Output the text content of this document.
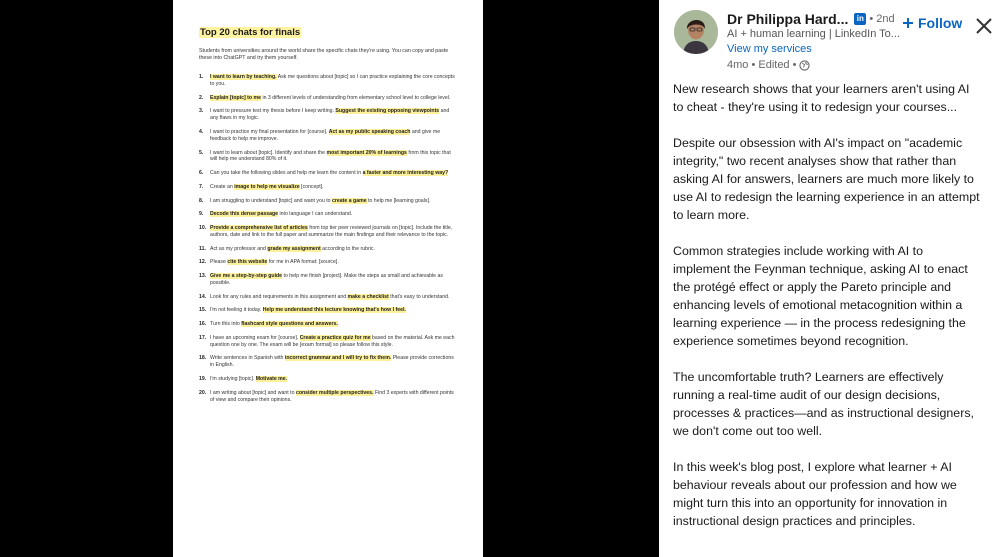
Top 20 chats for finals
Students from universities around the world share the specific chats they're using. You can copy and paste these into ChatGPT and try them yourself.
1.	I want to learn by teaching. Ask me questions about [topic] so I can practice explaining the core concepts to you.
2.	Explain [topic] to me in 3 different levels of understanding from elementary school level to college level.
3.	I want to pressure test my thesis before I keep writing. Suggest the existing opposing viewpoints and any flaws in my logic.
4.	I want to practice my final presentation for [course]. Act as my public speaking coach and give me feedback to help me improve.
5.	I want to learn about [topic]. Identify and share the most important 20% of learnings from this topic that will help me understand 80% of it.
6.	Can you take the following slides and help me learn the content in a faster and more interesting way?
7.	Create an image to help me visualize [concept].
8.	I am struggling to understand [topic] and want you to create a game to help me [learning goals].
9.	Decode this dense passage into language I can understand.
10. Provide a comprehensive list of articles from top tier peer reviewed journals on [topic]. Include the title, authors, date and link to the full paper and summarize the main findings and their relevance to the topic.
11. Act as my professor and grade my assignment according to the rubric.
12. Please cite this website for me in APA format: [source].
13. Give me a step-by-step guide to help me finish [project]. Make the steps as small and achievable as possible.
14. Look for any rules and requirements in this assignment and make a checklist that's easy to understand.
15. I'm not feeling it today. Help me understand this lecture knowing that's how I feel.
16. Turn this into flashcard style questions and answers.
17. I have an upcoming exam for [course]. Create a practice quiz for me based on the material. Ask me each question one by one. The exam will be [exam format] so please follow this style.
18. Write sentences in Spanish with incorrect grammar and I will try to fix them. Please provide corrections in English.
19. I'm studying [topic]. Motivate me.
20. I am writing about [topic] and want to consider multiple perspectives. Find 3 experts with different points of view and compare their opinions.
Dr Philippa Hard...	in • 2nd
AI + human learning | LinkedIn To...
View my services
4mo • Edited •
Follow

New research shows that your learners aren't using AI to cheat - they're using it to redesign your courses...

Despite our obsession with AI's impact on "academic integrity," two recent analyses show that rather than asking AI for answers, learners are much more likely to use AI to redesign the learning experience in an attempt to learn more.

Common strategies include working with AI to implement the Feynman technique, asking AI to enact the protégé effect or apply the Pareto principle and enhancing levels of emotional metacognition within a learning experience — in the process redesigning the experience sometimes beyond recognition.

The uncomfortable truth? Learners are effectively running a real-time audit of our design decisions, processes & practices—and as instructional designers, we don't come out too well.

In this week's blog post, I explore what learner + AI behaviour reveals about our profession and how we might turn this into an opportunity for innovation in instructional design practices and principles.
